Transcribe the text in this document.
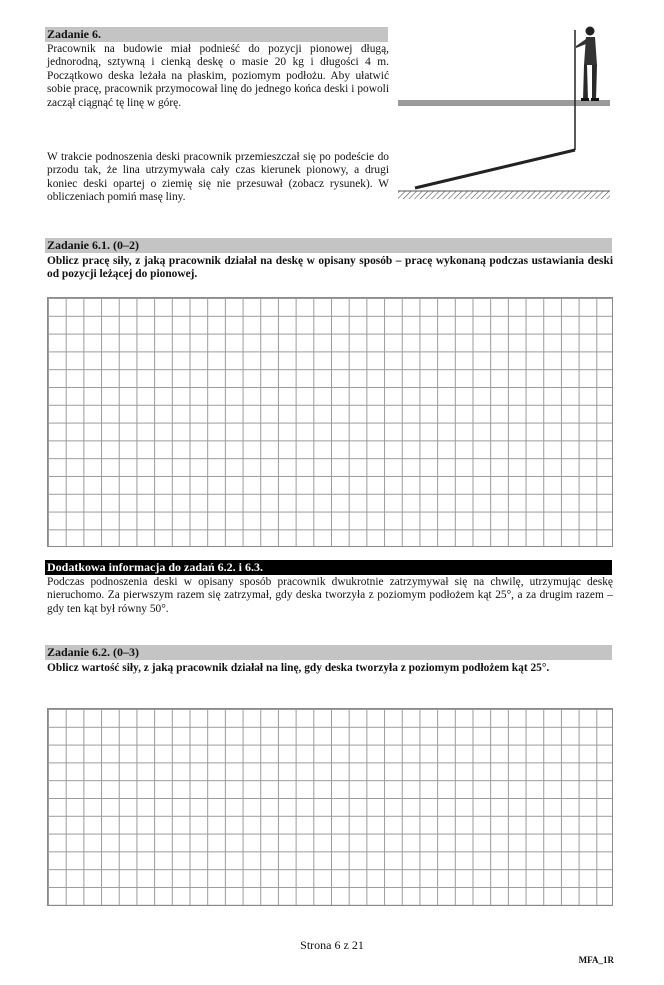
Zadanie 6.

Pracownik na budowie miał podnieść do pozycji pionowej długą, jednorodną, sztywną i cienką deskę o masie 20 kg i długości 4 m. Początkowo deska leżała na płaskim, poziomym podłożu. Aby ułatwić sobie pracę, pracownik przymocował linę do jednego końca deski i powoli zaczął ciągnąć tę linę w górę.

W trakcie podnoszenia deski pracownik przemieszczał się po podeście do przodu tak, że lina utrzymywała cały czas kierunek pionowy, a drugi koniec deski opartej o ziemię się nie przesuwał (zobacz rysunek). W obliczeniach pomiń masę liny.

Zadanie 6.1. (0–2)

Oblicz pracę siły, z jaką pracownik działał na deskę w opisany sposób – pracę wykonaną podczas ustawiania deski od pozycji leżącej do pionowej.

Dodatkowa informacja do zadań 6.2. i 6.3.

Podczas podnoszenia deski w opisany sposób pracownik dwukrotnie zatrzymywał się na chwilę, utrzymując deskę nieruchomo. Za pierwszym razem się zatrzymał, gdy deska tworzyła z poziomym podłożem kąt 25°, a za drugim razem – gdy ten kąt był równy 50°.

Zadanie 6.2. (0–3)

Oblicz wartość siły, z jaką pracownik działał na linę, gdy deska tworzyła z poziomym podłożem kąt 25°.

Strona 6 z 21
MFA_1R
